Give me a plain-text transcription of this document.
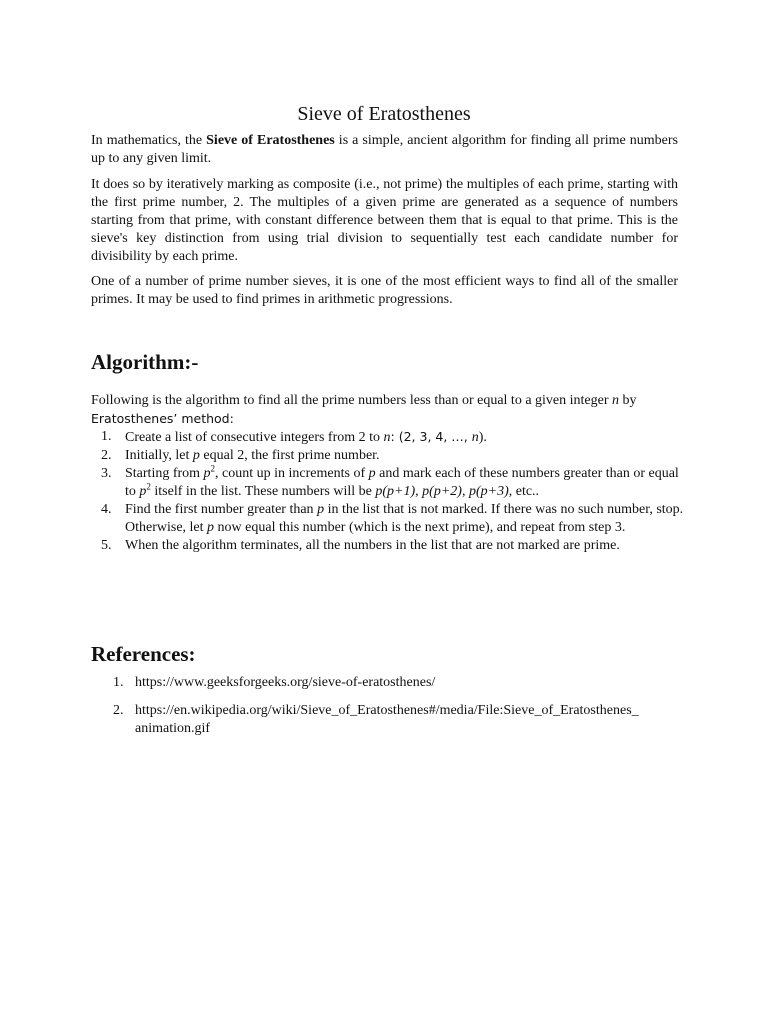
Sieve of Eratosthenes

In mathematics, the Sieve of Eratosthenes is a simple, ancient algorithm for finding all prime numbers up to any given limit.

It does so by iteratively marking as composite (i.e., not prime) the multiples of each prime, starting with the first prime number, 2. The multiples of a given prime are generated as a sequence of numbers starting from that prime, with constant difference between them that is equal to that prime. This is the sieve's key distinction from using trial division to sequentially test each candidate number for divisibility by each prime.

One of a number of prime number sieves, it is one of the most efficient ways to find all of the smaller primes. It may be used to find primes in arithmetic progressions.

Algorithm:-

Following is the algorithm to find all the prime numbers less than or equal to a given integer n by
Eratosthenes’ method:

1. Create a list of consecutive integers from 2 to n: (2, 3, 4, …, n).
2. Initially, let p equal 2, the first prime number.
3. Starting from $p^2$, count up in increments of p and mark each of these numbers greater than or equal to $p^2$ itself in the list. These numbers will be p(p+1), p(p+2), p(p+3), etc..
4. Find the first number greater than p in the list that is not marked. If there was no such number, stop. Otherwise, let p now equal this number (which is the next prime), and repeat from step 3.
5. When the algorithm terminates, all the numbers in the list that are not marked are prime.
References:
1. https://www.geeksforgeeks.org/sieve-of-eratosthenes/
2. https://en.wikipedia.org/wiki/Sieve_of_Eratosthenes#/media/File:Sieve_of_Eratosthenes_ animation.gif
